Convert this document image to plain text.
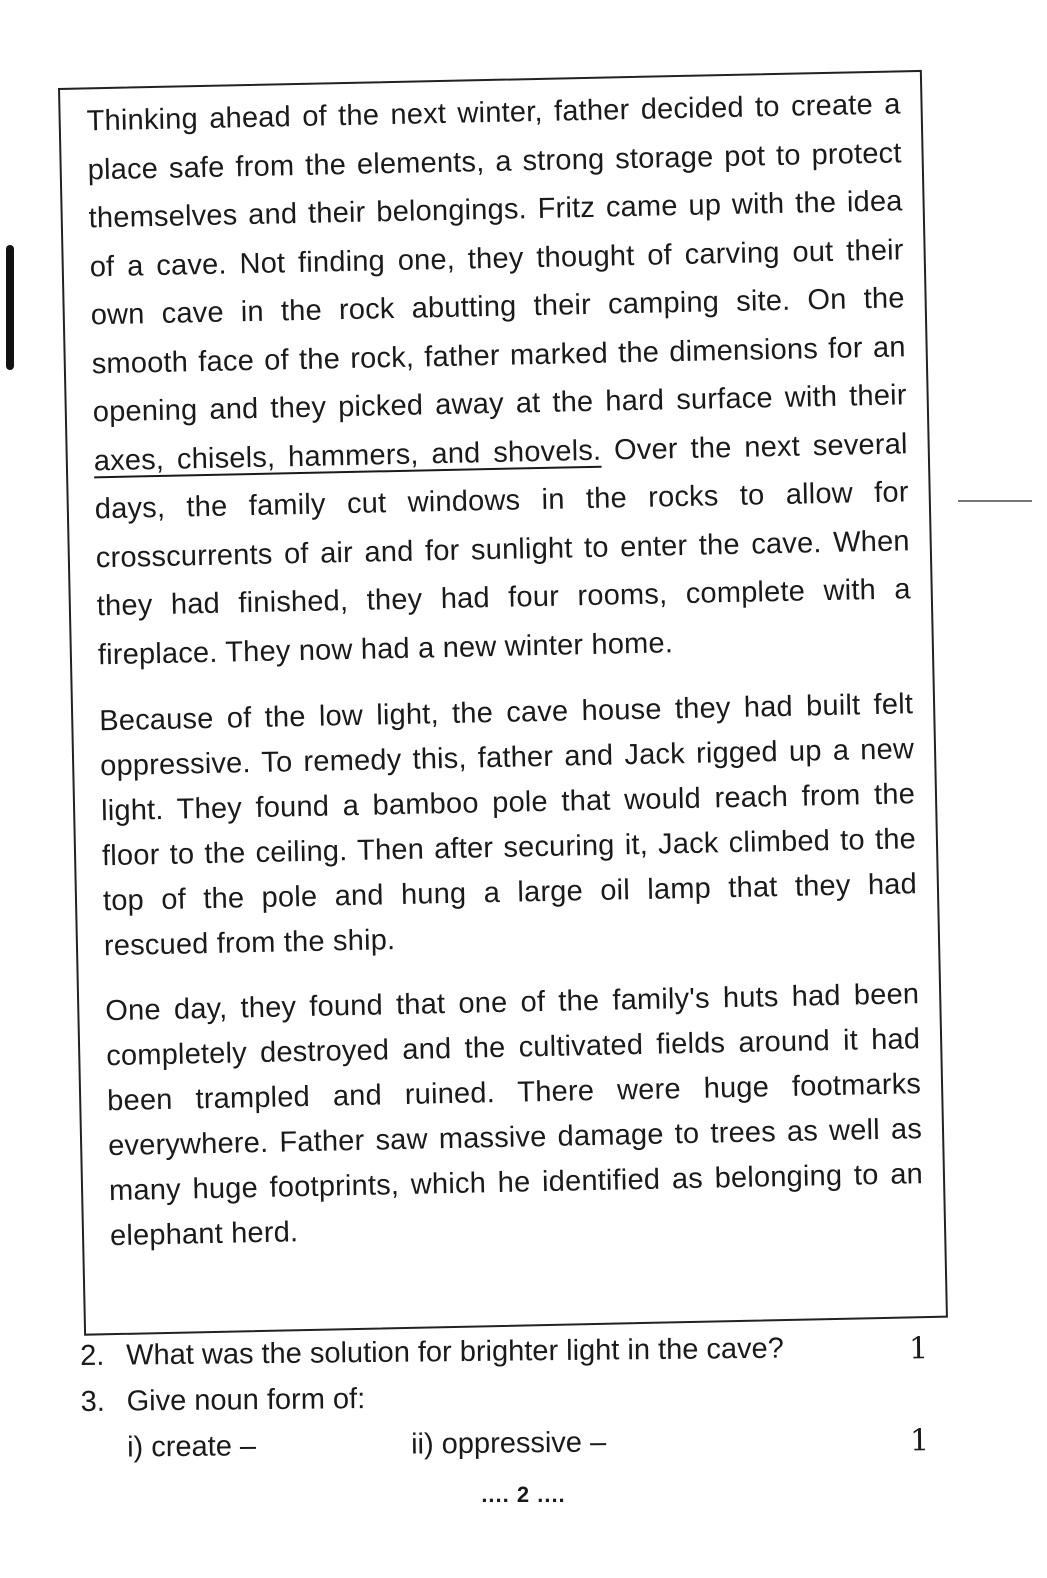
Thinking ahead of the next winter, father decided to create a place safe from the elements, a strong storage pot to protect themselves and their belongings. Fritz came up with the idea of a cave. Not finding one, they thought of carving out their own cave in the rock abutting their camping site. On the smooth face of the rock, father marked the dimensions for an opening and they picked away at the hard surface with their axes, chisels, hammers, and shovels. Over the next several days, the family cut windows in the rocks to allow for crosscurrents of air and for sunlight to enter the cave. When they had finished, they had four rooms, complete with a fireplace. They now had a new winter home.

Because of the low light, the cave house they had built felt oppressive. To remedy this, father and Jack rigged up a new light. They found a bamboo pole that would reach from the floor to the ceiling. Then after securing it, Jack climbed to the top of the pole and hung a large oil lamp that they had rescued from the ship.

One day, they found that one of the family's huts had been completely destroyed and the cultivated fields around it had been trampled and ruined. There were huge footmarks everywhere. Father saw massive damage to trees as well as many huge footprints, which he identified as belonging to an elephant herd.

2. What was the solution for brighter light in the cave?	1
3. Give noun form of:
i) create –	ii) oppressive –	1
.... 2 ....
